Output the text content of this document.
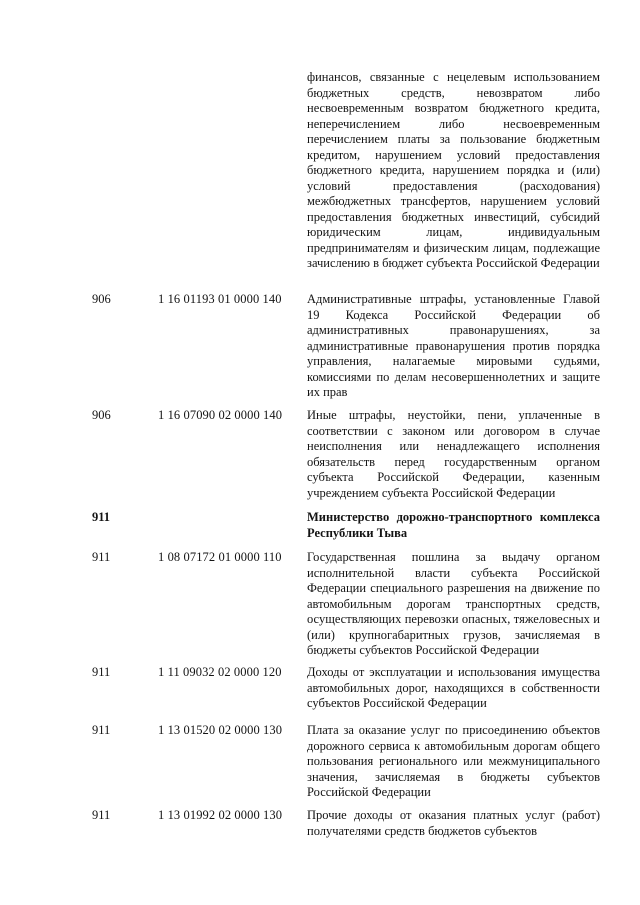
финансов, связанные с нецелевым использованием бюджетных средств, невозвратом либо несвоевременным возвратом бюджетного кредита, неперечислением либо несвоевременным перечислением платы за пользование бюджетным кредитом, нарушением условий предоставления бюджетного кредита, нарушением порядка и (или) условий предоставления (расходования) межбюджетных трансфертов, нарушением условий предоставления бюджетных инвестиций, субсидий юридическим лицам, индивидуальным предпринимателям и физическим лицам, подлежащие зачислению в бюджет субъекта Российской Федерации
906	1 16 01193 01 0000 140 Административные штрафы, установленные Главой 19 Кодекса Российской Федерации об административных правонарушениях, за административные правонарушения против порядка управления, налагаемые мировыми судьями, комиссиями по делам несовершеннолетних и защите их прав
906	1 16 07090 02 0000 140 Иные штрафы, неустойки, пени, уплаченные в соответствии с законом или договором в случае неисполнения или ненадлежащего исполнения обязательств перед государственным органом субъекта Российской Федерации, казенным учреждением субъекта Российской Федерации
911	Министерство дорожно-транспортного комплекса Республики Тыва
911	1 08 07172 01 0000 110 Государственная пошлина за выдачу органом исполнительной власти субъекта Российской Федерации специального разрешения на движение по автомобильным дорогам транспортных средств, осуществляющих перевозки опасных, тяжеловесных и (или) крупногабаритных грузов, зачисляемая в бюджеты субъектов Российской Федерации
911	1 11 09032 02 0000 120 Доходы от эксплуатации и использования имущества автомобильных дорог, находящихся в собственности субъектов Российской Федерации
911	1 13 01520 02 0000 130 Плата за оказание услуг по присоединению объектов дорожного сервиса к автомобильным дорогам общего пользования регионального или межмуниципального значения, зачисляемая в бюджеты субъектов Российской Федерации
911	1 13 01992 02 0000 130 Прочие доходы от оказания платных услуг (работ) получателями средств бюджетов субъектов
